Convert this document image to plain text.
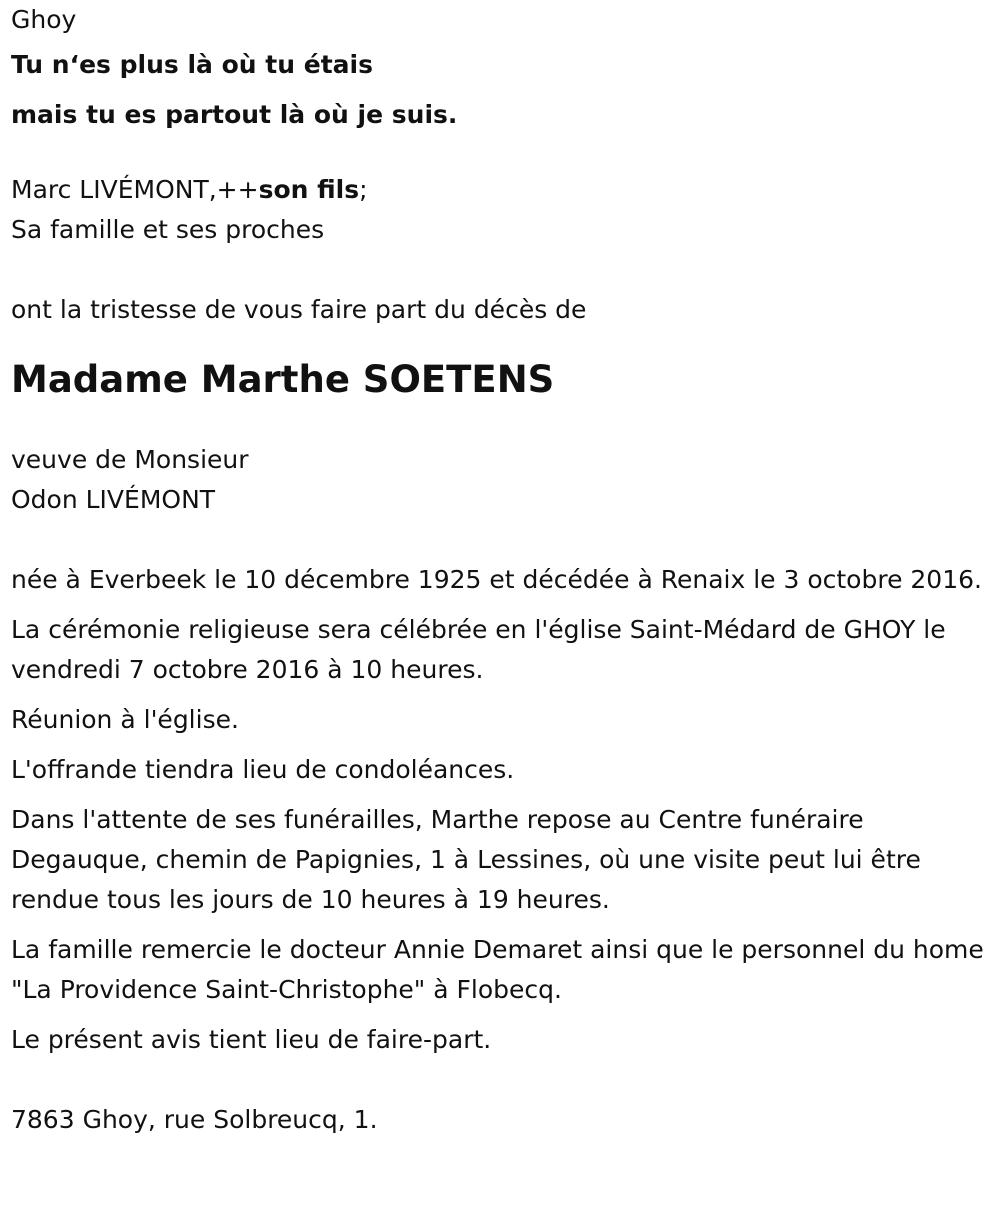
Ghoy
Tu n‘es plus là où tu étais
mais tu es partout là où je suis.
Marc LIVÉMONT,++son fils;
Sa famille et ses proches
ont la tristesse de vous faire part du décès de
Madame Marthe SOETENS
veuve de Monsieur
Odon LIVÉMONT
née à Everbeek le 10 décembre 1925 et décédée à Renaix le 3 octobre 2016.
La cérémonie religieuse sera célébrée en l'église Saint-Médard de GHOY le vendredi 7 octobre 2016 à 10 heures.
Réunion à l'église.
L'offrande tiendra lieu de condoléances.
Dans l'attente de ses funérailles, Marthe repose au Centre funéraire Degauque, chemin de Papignies, 1 à Lessines, où une visite peut lui être rendue tous les jours de 10 heures à 19 heures.
La famille remercie le docteur Annie Demaret ainsi que le personnel du home "La Providence Saint-Christophe" à Flobecq.
Le présent avis tient lieu de faire-part.
7863 Ghoy, rue Solbreucq, 1.
